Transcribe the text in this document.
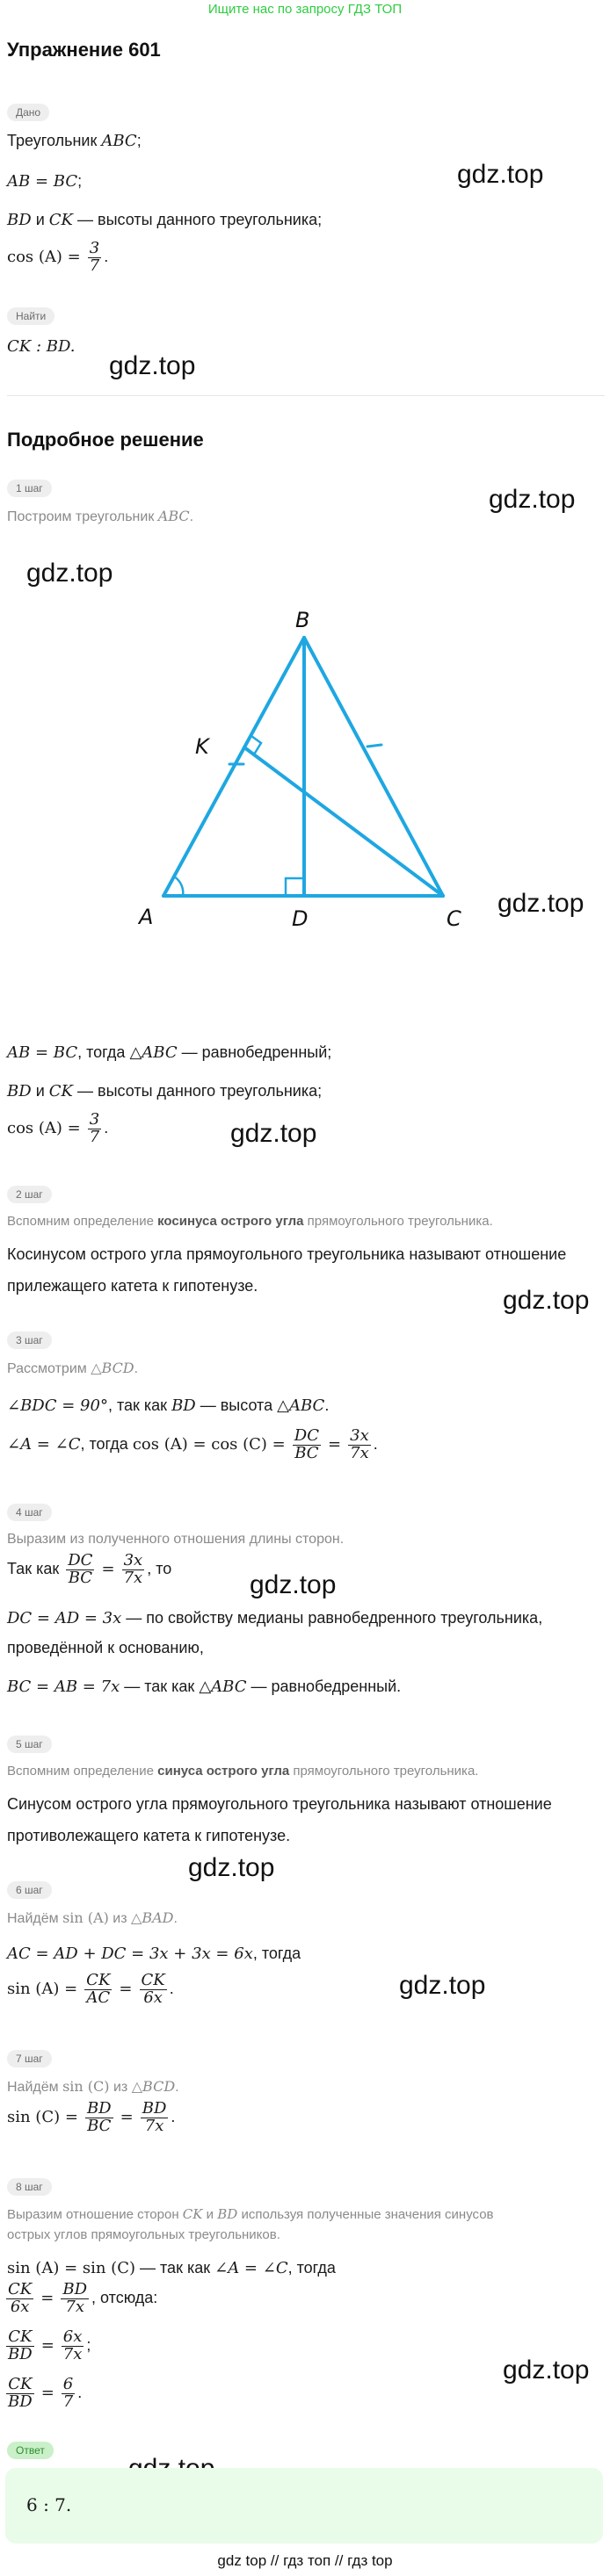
Ищите нас по запросу ГДЗ ТОП
Упражнение 601
Дано
Треугольник ABC;
AB = BC;
BD и CK — высоты данного треугольника;
$\cos (A) = \frac{3}{7}$ .
Найти
CK : BD.
gdz.top
gdz.top
gdz.top
gdz.top
gdz.top
gdz.top
gdz.top
gdz.top
gdz.top
gdz.top
gdz.top
Подробное решение
1 шаг
Построим треугольник ABC.
B
A	D	C
K
AB = BC, тогда △ABC — равнобедренный;
BD и CK — высоты данного треугольника;
$\cos (A) = \frac{3}{7}$ .
2 шаг
Вспомним определение косинуса острого угла прямоугольного треугольника.
Косинусом острого угла прямоугольного треугольника называют отношение
прилежащего катета к гипотенузе.
3 шаг
Рассмотрим △BCD.
∠BDC = 90°, так как BD — высота △ABC.
∠A = ∠C, тогда $\cos (A) = \cos (C) = \frac{DC}{BC} = \frac{3x}{7x}$ .
4 шаг
Выразим из полученного отношения длины сторон.
Так как $\frac{DC}{BC} = \frac{3x}{7x}$ , то
DC = AD = 3x — по свойству медианы равнобедренного треугольника,
проведённой к основанию,
BC = AB = 7x — так как △ABC — равнобедренный.
5 шаг
Вспомним определение синуса острого угла прямоугольного треугольника.
Синусом острого угла прямоугольного треугольника называют отношение
противолежащего катета к гипотенузе.
6 шаг
Найдём sin (A) из △BAD.
AC = AD + DC = 3x + 3x = 6x, тогда
$\sin (A) = \frac{CK}{AC} = \frac{CK}{6x}$ .
7 шаг
Найдём sin (C) из △BCD.
$\sin (C) = \frac{BD}{BC} = \frac{BD}{7x}$ .
8 шаг
Выразим отношение сторон CK и BD используя полученные значения синусов
острых углов прямоугольных треугольников.
sin (A) = sin (C) — так как ∠A = ∠C, тогда
$\frac{CK}{6x} = \frac{BD}{7x}$ , отсюда:
$\frac{CK}{BD} = \frac{6x}{7x}$ ;
$\frac{CK}{BD} = \frac{6}{7}$ .
Ответ
6 : 7.
gdz top // гдз топ // гдз top
